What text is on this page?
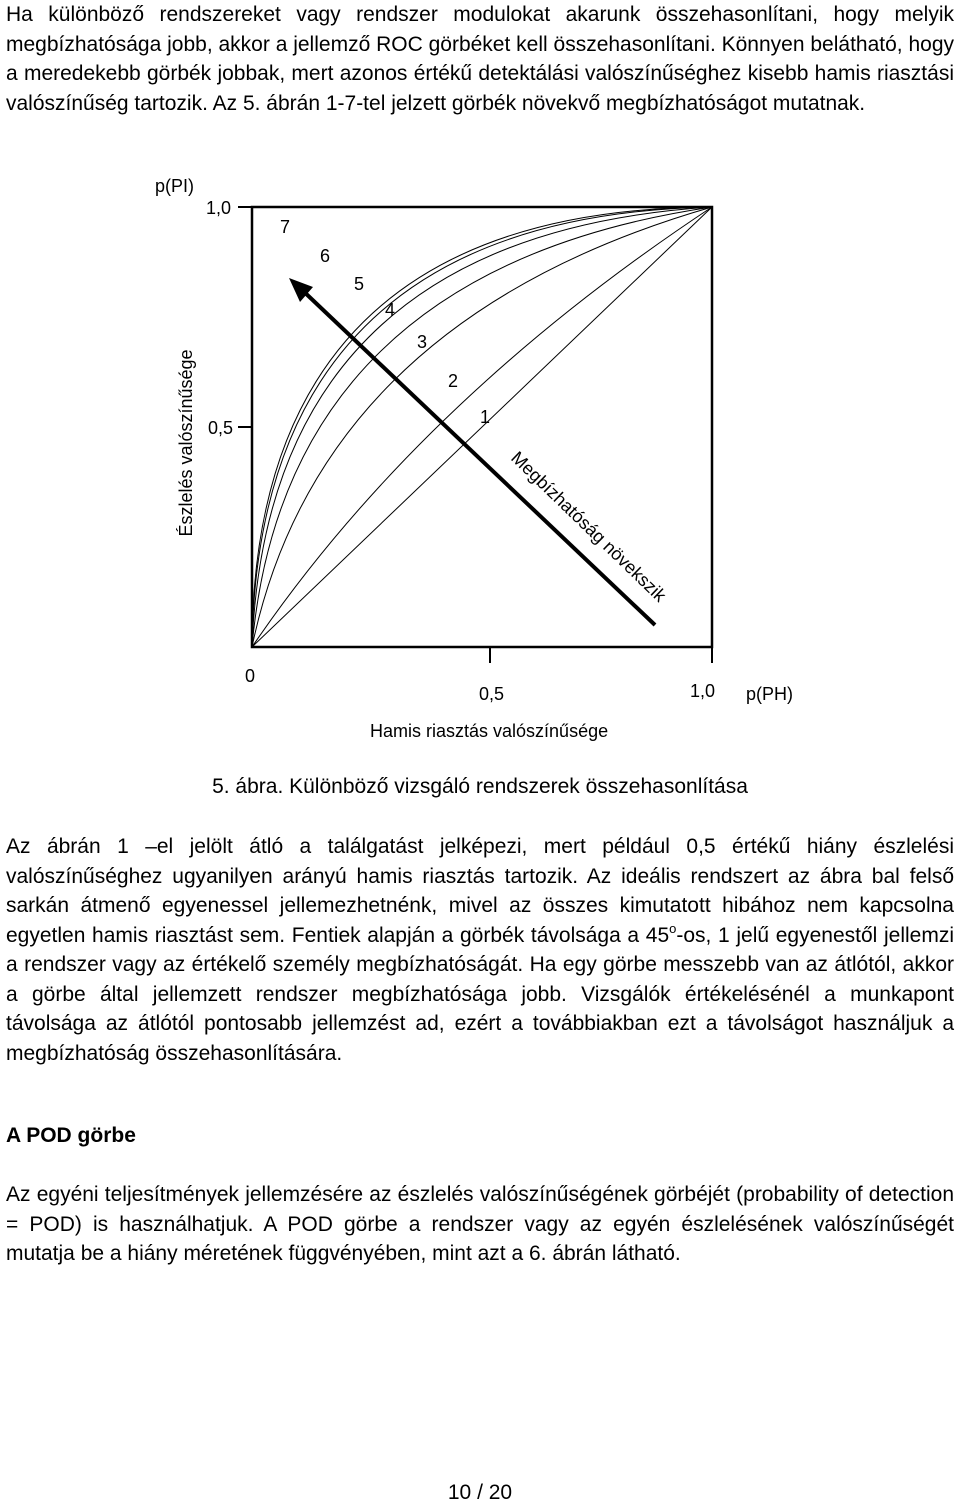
Ha különböző rendszereket vagy rendszer modulokat akarunk összehasonlítani, hogy melyik megbízhatósága jobb, akkor a jellemző ROC görbéket kell összehasonlítani. Könnyen belátható, hogy a meredekebb görbék jobbak, mert azonos értékű detektálási valószínűséghez kisebb hamis riasztási valószínűség tartozik. Az 5. ábrán 1-7-tel jelzett görbék növekvő megbízhatóságot mutatnak.

p(PI)
1,0
0,5
Észlelés valószínűsége
0
0,5	1,0 p(PH)
Hamis riasztás valószínűsége
1
2
3
4
5
6
7
Megbízhatóság növekszik
5. ábra. Különböző vizsgáló rendszerek összehasonlítása

Az ábrán 1 –el jelölt átló a találgatást jelképezi, mert például 0,5 értékű hiány észlelési valószínűséghez ugyanilyen arányú hamis riasztás tartozik. Az ideális rendszert az ábra bal felső sarkán átmenő egyenessel jellemezhetnénk, mivel az összes kimutatott hibához nem kapcsolna egyetlen hamis riasztást sem. Fentiek alapján a görbék távolsága a 45$^o$-os, 1 jelű egyenestől jellemzi a rendszer vagy az értékelő személy megbízhatóságát. Ha egy görbe messzebb van az átlótól, akkor a görbe által jellemzett rendszer megbízhatósága jobb. Vizsgálók értékelésénél a munkapont távolsága az átlótól pontosabb jellemzést ad, ezért a továbbiakban ezt a távolságot használjuk a megbízhatóság összehasonlítására.

A POD görbe

Az egyéni teljesítmények jellemzésére az észlelés valószínűségének görbéjét (probability of detection = POD) is használhatjuk. A POD görbe a rendszer vagy az egyén észlelésének valószínűségét mutatja be a hiány méretének függvényében, mint azt a 6. ábrán látható.

10 / 20
